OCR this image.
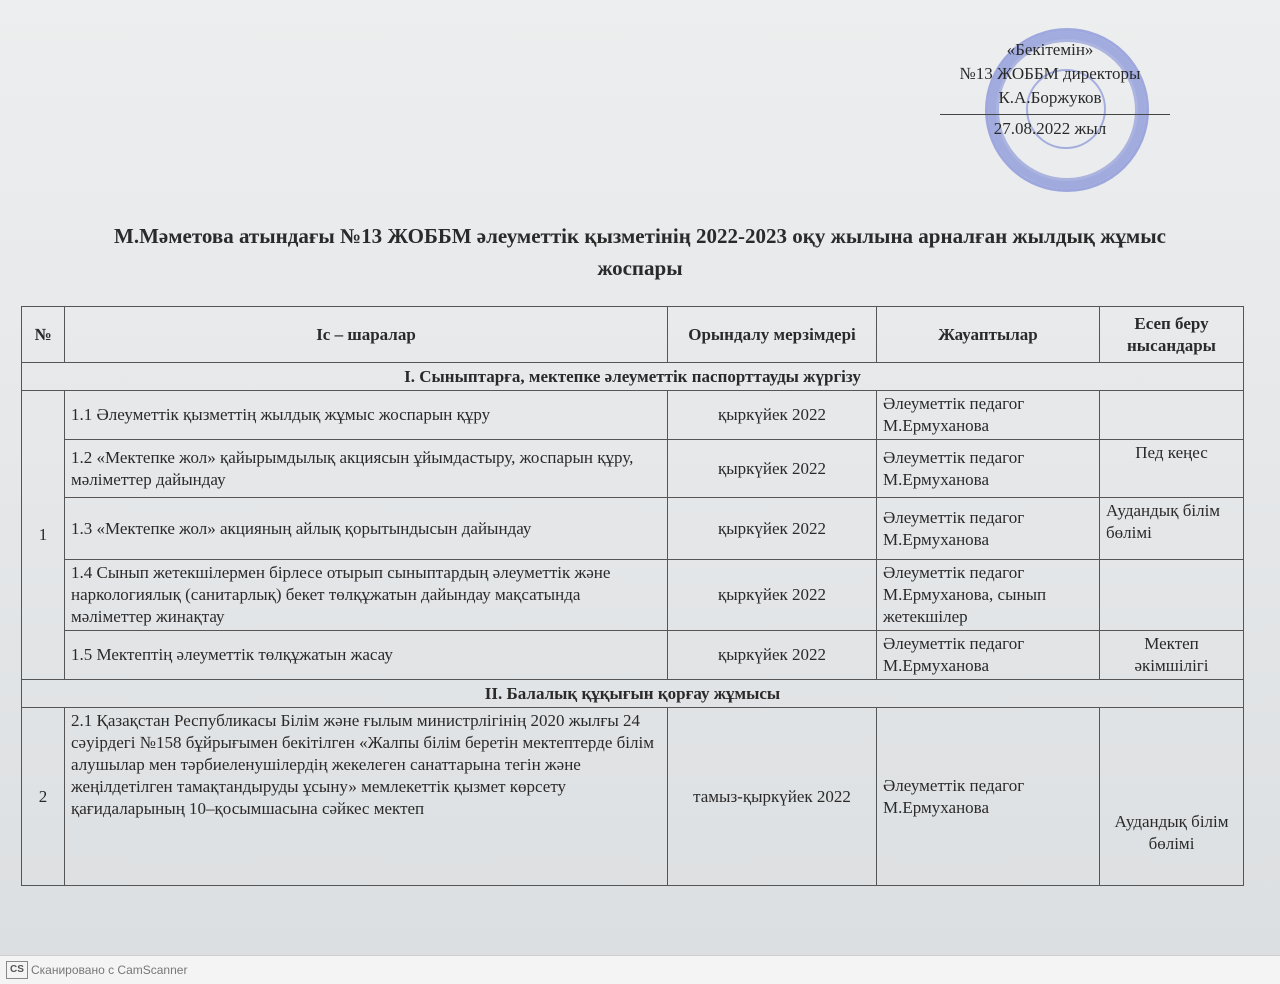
«Бекітемін»
№13 ЖОББМ директоры
К.А.Боржуков
27.08.2022 жыл
М.Мәметова атындағы №13 ЖОББМ әлеуметтік қызметінің 2022-2023 оқу жылына арналған жылдық жұмыс
жоспары
№	Іс – шаралар	Орындалу мерзімдері	Жауаптылар	Есеп беру нысандары
І. Сыныптарға, мектепке әлеуметтік паспорттауды жүргізу				
1	1.1 Әлеуметтік қызметтің жылдық жұмыс жоспарын құру	қыркүйек 2022	Әлеуметтік педагог М.Ермуханова	
	1.2 «Мектепке жол» қайырымдылық акциясын ұйымдастыру, жоспарын құру, мәліметтер дайындау	қыркүйек 2022	Әлеуметтік педагог М.Ермуханова	Пед кеңес
	1.3 «Мектепке жол» акцияның айлық қорытындысын дайындау	қыркүйек 2022	Әлеуметтік педагог М.Ермуханова	Аудандық білім бөлімі
	1.4 Сынып жетекшілермен бірлесе отырып сыныптардың әлеуметтік және наркологиялық (санитарлық) бекет төлқұжатын дайындау мақсатында мәліметтер жинақтау	қыркүйек 2022	Әлеуметтік педагог М.Ермуханова, сынып жетекшілер	
	1.5 Мектептің әлеуметтік төлқұжатын жасау	қыркүйек 2022	Әлеуметтік педагог М.Ермуханова	Мектеп әкімшілігі
ІІ. Балалық құқығын қорғау жұмысы				
2	2.1 Қазақстан Республикасы Білім және ғылым министрлігінің 2020 жылғы 24 сәуірдегі №158 бұйрығымен бекітілген «Жалпы білім беретін мектептерде білім алушылар мен тәрбиеленушілердің жекелеген санаттарына тегін және жеңілдетілген тамақтандыруды ұсыну» мемлекеттік қызмет көрсету қағидаларының 10–қосымшасына сәйкес мектеп	тамыз-қыркүйек 2022	Әлеуметтік педагог М.Ермуханова	Аудандық білім бөлімі
CS Сканировано с CamScanner
